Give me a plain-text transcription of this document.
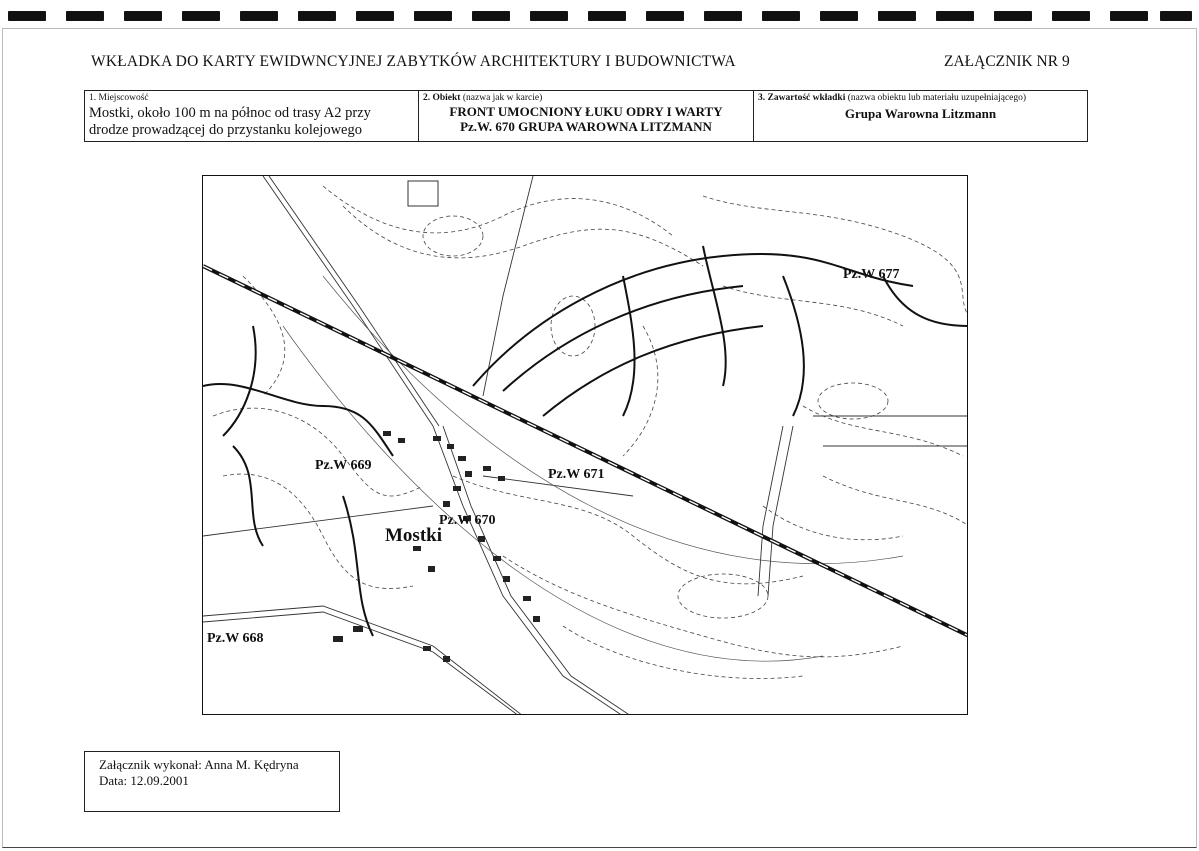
WKŁADKA DO KARTY EWIDWNCYJNEJ ZABYTKÓW ARCHITEKTURY I BUDOWNICTWA	ZAŁĄCZNIK NR 9
1. Miejscowość
Mostki, około 100 m na północ od trasy A2 przy
drodze prowadzącej do przystanku kolejowego
2. Obiekt (nazwa jak w karcie)
FRONT UMOCNIONY ŁUKU ODRY I WARTY
Pz.W. 670 GRUPA WAROWNA LITZMANN
3. Zawartość wkładki (nazwa obiektu lub materiału uzupełniającego)
Grupa Warowna Litzmann
Pz.W 677
Pz.W 669
Pz.W 671
Pz.W 670
Pz.W 668
Mostki
Załącznik wykonał: Anna M. Kędryna
Data: 12.09.2001
